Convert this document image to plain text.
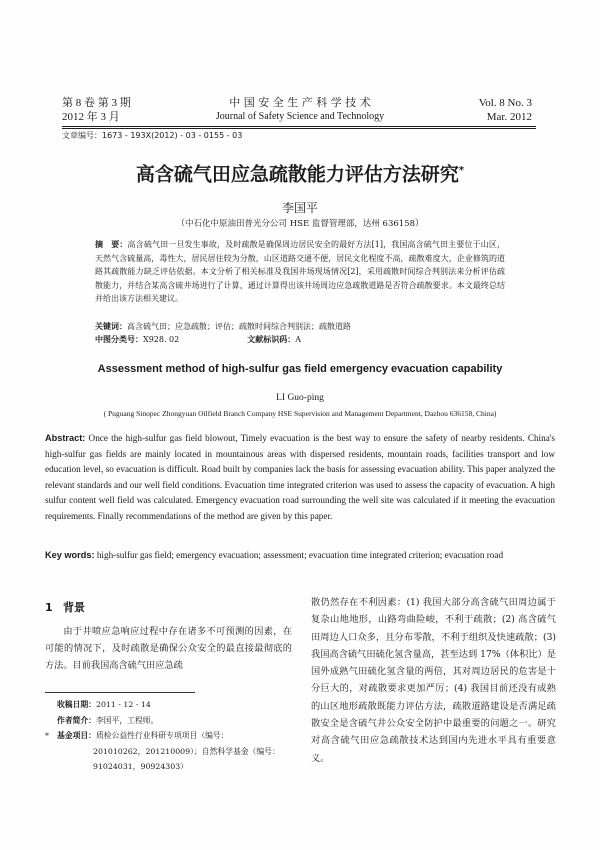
第 8 卷 第 3 期
2012 年 3 月
中 国 安 全 生 产 科 学 技 术
Journal of Safety Science and Technology
Vol. 8 No. 3
Mar. 2012
文章编号：1673 - 193X(2012) - 03 - 0155 - 03
高含硫气田应急疏散能力评估方法研究*
李国平
（中石化中原油田普光分公司 HSE 监督管理部，达州 636158）
摘　要：高含硫气田一旦发生事故，及时疏散是确保周边居民安全的最好方法[1]，我国高含硫气田主要位于山区，天然气含硫量高，毒性大，居民居住较为分散，山区道路交通不便，居民文化程度不高，疏散难度大，企业修筑的道路其疏散能力缺乏评估依据。本文分析了相关标准及我国井场现场情况[2]，采用疏散时间综合判别法来分析评估疏散能力，并结合某高含硫井场进行了计算，通过计算得出该井场周边应急疏散道路是否符合疏散要求。本文最终总结并给出该方法相关建议。
关键词：高含硫气田；应急疏散；评估；疏散时间综合判别法；疏散道路
中图分类号：X928. 02	文献标识码：A
Assessment method of high-sulfur gas field emergency evacuation capability
LI Guo-ping
( Puguang Sinopec Zhongyuan Oilfield Branch Company HSE Supervision and Management Department, Dazhou 636158, China)
Abstract: Once the high-sulfur gas field blowout, Timely evacuation is the best way to ensure the safety of nearby residents. China's high-sulfur gas fields are mainly located in mountainous areas with dispersed residents, mountain roads, facilities transport and low education level, so evacuation is difficult. Road built by companies lack the basis for assessing evacuation ability. This paper analyzed the relevant standards and our well field conditions. Evacuation time integrated criterion was used to assess the capacity of evacuation. A high sulfur content well field was calculated. Emergency evacuation road surrounding the well site was calculated if it meeting the evacuation requirements. Finally recommendations of the method are given by this paper.
Key words: high-sulfur gas field; emergency evacuation; assessment; evacuation time integrated criterion; evacuation road
1 背景

由于井喷应急响应过程中存在诸多不可预测的因素，在可能的情况下，及时疏散是确保公众安全的最直接最彻底的方法。目前我国高含硫气田应急疏

散仍然存在不利因素：(1) 我国大部分高含硫气田周边属于复杂山地地形，山路弯曲险峻，不利于疏散；(2) 高含硫气田周边人口众多，且分布零散，不利于组织及快速疏散；(3) 我国高含硫气田硫化氢含量高，甚至达到 17%（体积比）是国外成熟气田硫化氢含量的两倍，其对周边居民的危害是十分巨大的，对疏散要求更加严厉；(4) 我国目前还没有成熟的山区地形疏散既能力评估方法，疏散道路建设是否满足疏散安全是含硫气井公众安全防护中最重要的问题之一。研究对高含硫气田应急疏散技术达到国内先进水平具有重要意义。

收稿日期：2011 - 12 - 14

作者简介：李国平，工程师。

* 基金项目：质检公益性行业科研专项项目（编号：

201010262，201210009）；自然科学基金（编号：

91024031，90924303）
